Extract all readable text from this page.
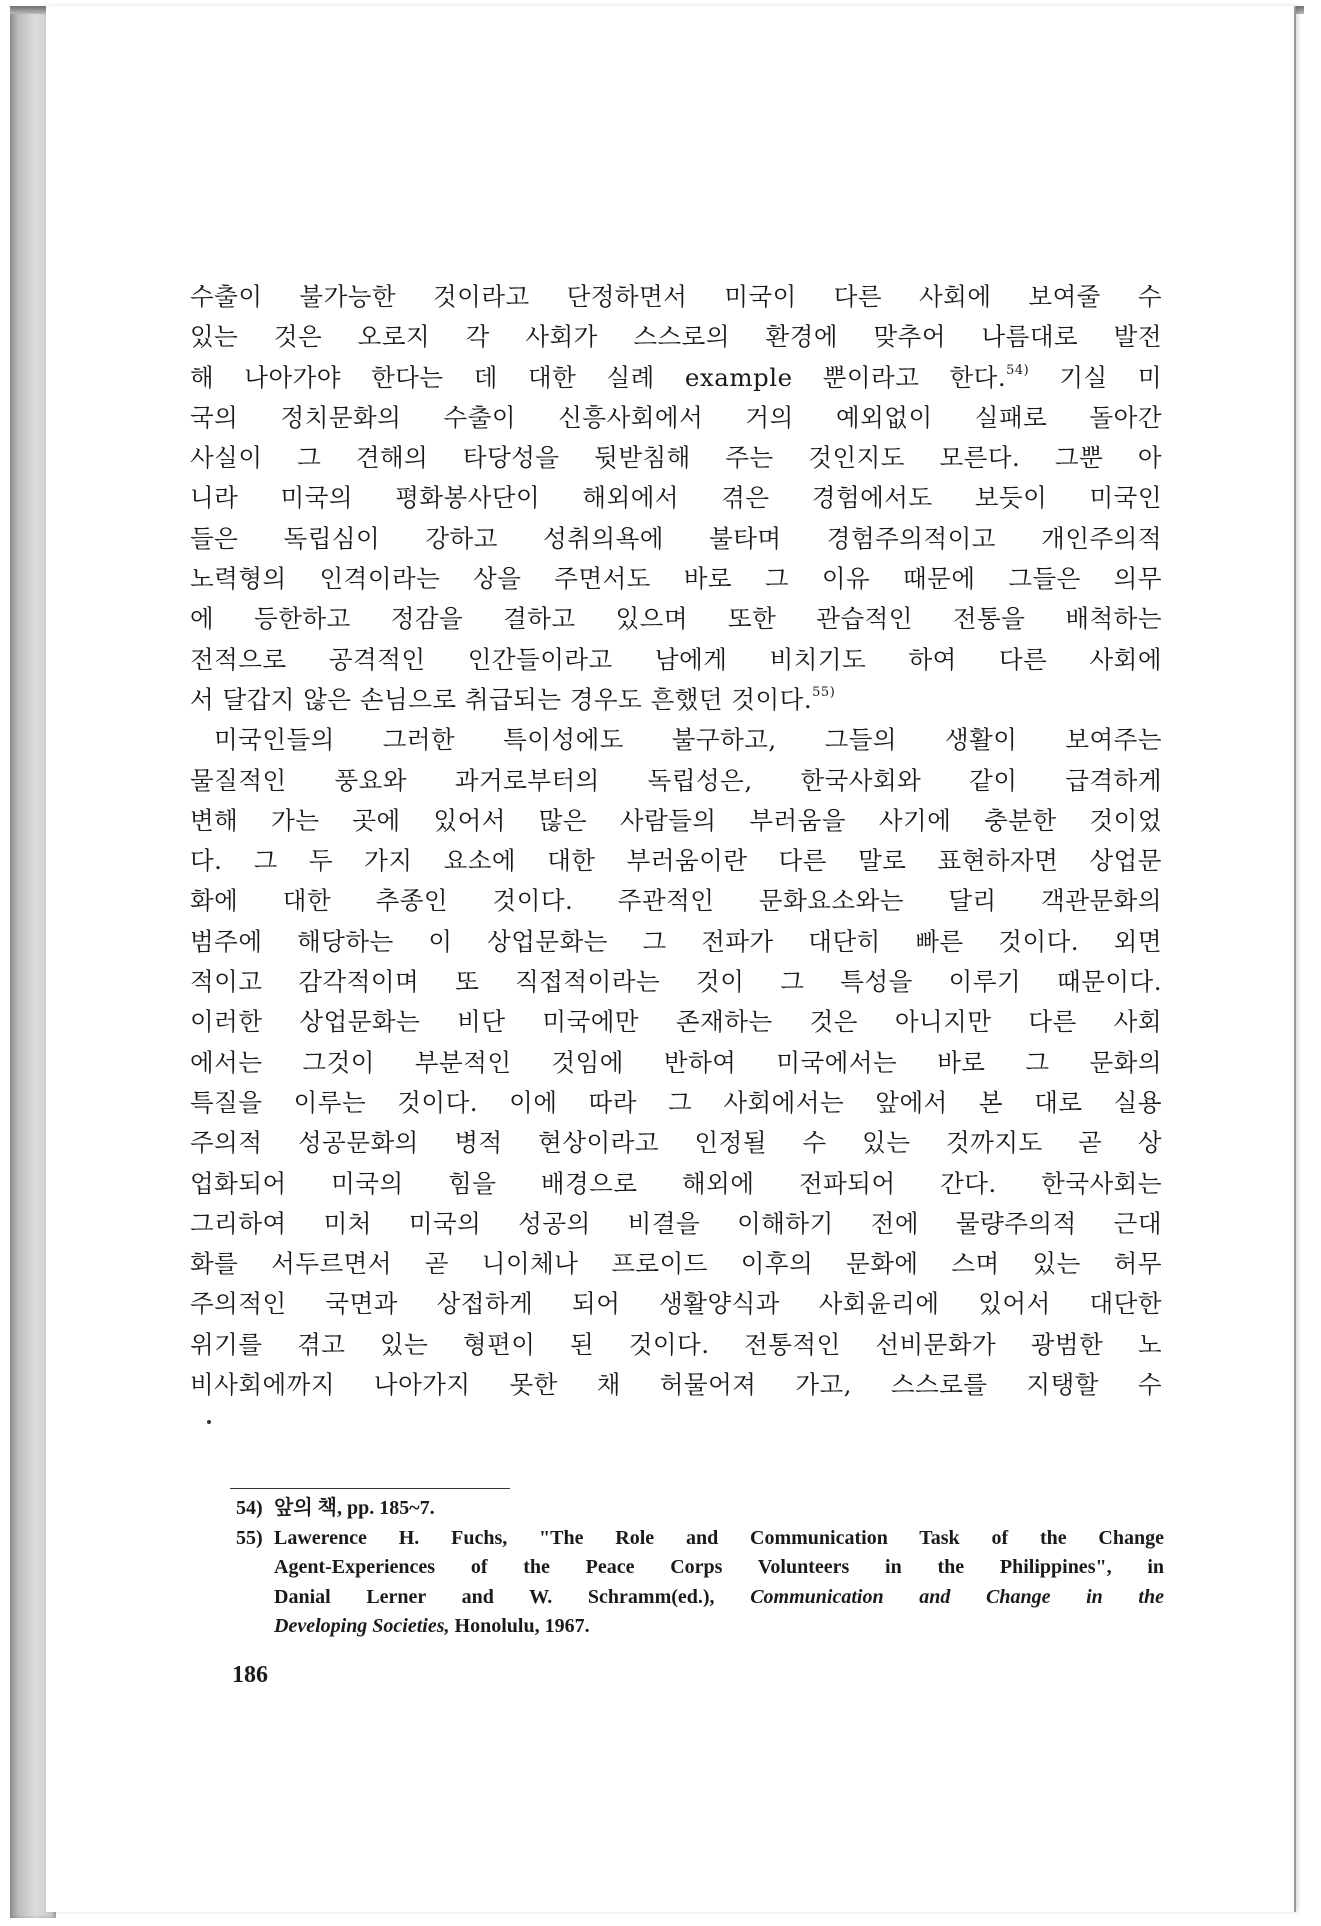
수출이 불가능한 것이라고 단정하면서 미국이 다른 사회에 보여줄 수
있는 것은 오로지 각 사회가 스스로의 환경에 맞추어 나름대로 발전
해 나아가야 한다는 데 대한 실례 example 뿐이라고 한다.$^{54)}$ 기실 미
국의 정치문화의 수출이 신흥사회에서 거의 예외없이 실패로 돌아간
사실이 그 견해의 타당성을 뒷받침해 주는 것인지도 모른다. 그뿐 아
니라 미국의 평화봉사단이 해외에서 겪은 경험에서도 보듯이 미국인
들은 독립심이 강하고 성취의욕에 불타며 경험주의적이고 개인주의적
노력형의 인격이라는 상을 주면서도 바로 그 이유 때문에 그들은 의무
에 등한하고 정감을 결하고 있으며 또한 관습적인 전통을 배척하는
전적으로 공격적인 인간들이라고 남에게 비치기도 하여 다른 사회에
서 달갑지 않은 손님으로 취급되는 경우도 흔했던 것이다.$^{55)}$
미국인들의 그러한 특이성에도 불구하고, 그들의 생활이 보여주는
물질적인 풍요와 과거로부터의 독립성은, 한국사회와 같이 급격하게
변해 가는 곳에 있어서 많은 사람들의 부러움을 사기에 충분한 것이었
다. 그 두 가지 요소에 대한 부러움이란 다른 말로 표현하자면 상업문
화에 대한 추종인 것이다. 주관적인 문화요소와는 달리 객관문화의
범주에 해당하는 이 상업문화는 그 전파가 대단히 빠른 것이다. 외면
적이고 감각적이며 또 직접적이라는 것이 그 특성을 이루기 때문이다.
이러한 상업문화는 비단 미국에만 존재하는 것은 아니지만 다른 사회
에서는 그것이 부분적인 것임에 반하여 미국에서는 바로 그 문화의
특질을 이루는 것이다. 이에 따라 그 사회에서는 앞에서 본 대로 실용
주의적 성공문화의 병적 현상이라고 인정될 수 있는 것까지도 곧 상
업화되어 미국의 힘을 배경으로 해외에 전파되어 간다. 한국사회는
그리하여 미처 미국의 성공의 비결을 이해하기 전에 물량주의적 근대
화를 서두르면서 곧 니이체나 프로이드 이후의 문화에 스며 있는 허무
주의적인 국면과 상접하게 되어 생활양식과 사회윤리에 있어서 대단한
위기를 겪고 있는 형편이 된 것이다. 전통적인 선비문화가 광범한 노
비사회에까지 나아가지 못한 채 허물어져 가고, 스스로를 지탱할 수
54) 앞의 책, pp. 185~7.
55) Lawerence H. Fuchs, "The Role and Communication Task of the Change
Agent-Experiences of the Peace Corps Volunteers in the Philippines", in
Danial Lerner and W. Schramm(ed.), Communication and Change in the
Developing Societies, Honolulu, 1967.
186
